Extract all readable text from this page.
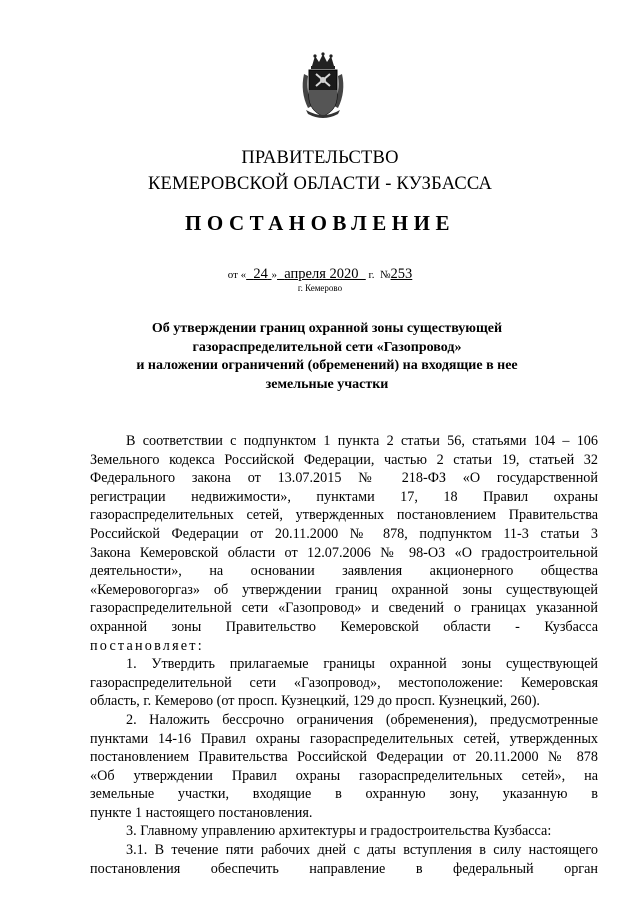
ПРАВИТЕЛЬСТВО
КЕМЕРОВСКОЙ ОБЛАСТИ - КУЗБАССА
ПОСТАНОВЛЕНИЕ
от « 24 » апреля 2020 г. №253
г. Кемерово
Об утверждении границ охранной зоны существующей
газораспределительной сети «Газопровод»
и наложении ограничений (обременений) на входящие в нее
земельные участки
В соответствии с подпунктом 1 пункта 2 статьи 56, статьями 104 – 106
Земельного кодекса Российской Федерации, частью 2 статьи 19, статьей 32
Федерального закона от 13.07.2015 № 218-ФЗ «О государственной
регистрации недвижимости», пунктами 17, 18 Правил охраны
газораспределительных сетей, утвержденных постановлением Правительства
Российской Федерации от 20.11.2000 № 878, подпунктом 11-3 статьи 3
Закона Кемеровской области от 12.07.2006 № 98-ОЗ «О градостроительной
деятельности», на основании заявления акционерного общества
«Кемеровогоргаз» об утверждении границ охранной зоны существующей
газораспределительной сети «Газопровод» и сведений о границах указанной
охранной зоны Правительство Кемеровской области - Кузбасса
постановляет:
1. Утвердить прилагаемые границы охранной зоны существующей
газораспределительной сети «Газопровод», местоположение: Кемеровская
область, г. Кемерово (от просп. Кузнецкий, 129 до просп. Кузнецкий, 260).
2. Наложить бессрочно ограничения (обременения), предусмотренные
пунктами 14-16 Правил охраны газораспределительных сетей, утвержденных
постановлением Правительства Российской Федерации от 20.11.2000 № 878
«Об утверждении Правил охраны газораспределительных сетей», на
земельные участки, входящие в охранную зону, указанную в
пункте 1 настоящего постановления.
3. Главному управлению архитектуры и градостроительства Кузбасса:
3.1. В течение пяти рабочих дней с даты вступления в силу настоящего
постановления обеспечить направление в федеральный орган
